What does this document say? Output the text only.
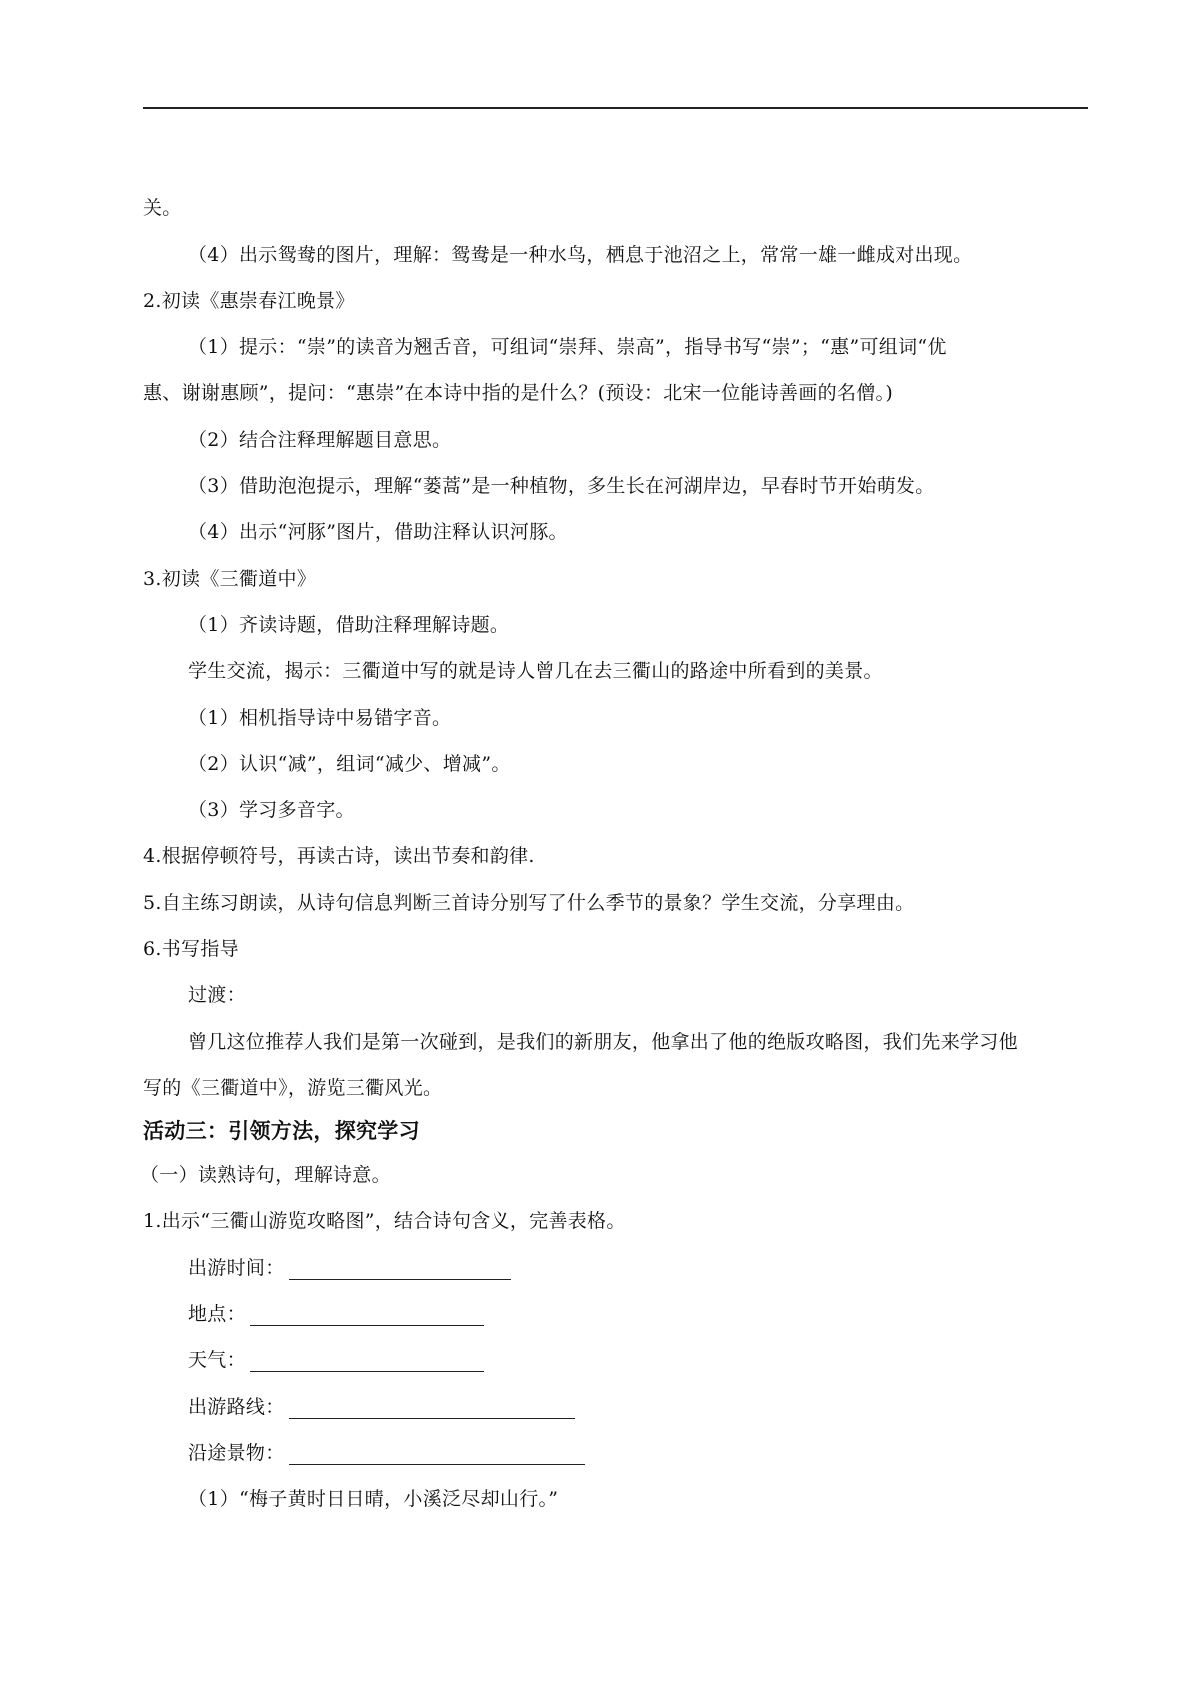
关。
（4）出示鸳鸯的图片，理解：鸳鸯是一种水鸟，栖息于池沼之上，常常一雄一雌成对出现。
2.初读《惠崇春江晚景》
（1）提示：“崇”的读音为翘舌音，可组词“崇拜、崇高”，指导书写“崇”；“惠”可组词“优
惠、谢谢惠顾”，提问：“惠崇”在本诗中指的是什么？(预设：北宋一位能诗善画的名僧。)
（2）结合注释理解题目意思。
（3）借助泡泡提示，理解“蒌蒿”是一种植物，多生长在河湖岸边，早春时节开始萌发。
（4）出示“河豚”图片，借助注释认识河豚。
3.初读《三衢道中》
（1）齐读诗题，借助注释理解诗题。
学生交流，揭示：三衢道中写的就是诗人曾几在去三衢山的路途中所看到的美景。
（1）相机指导诗中易错字音。
（2）认识“减”，组词“减少、增减”。
（3）学习多音字。
4.根据停顿符号，再读古诗，读出节奏和韵律.
5.自主练习朗读，从诗句信息判断三首诗分别写了什么季节的景象？学生交流，分享理由。
6.书写指导
过渡：
曾几这位推荐人我们是第一次碰到，是我们的新朋友，他拿出了他的绝版攻略图，我们先来学习他
写的《三衢道中》，游览三衢风光。
活动三：引领方法，探究学习
（一）读熟诗句，理解诗意。
1.出示“三衢山游览攻略图”，结合诗句含义，完善表格。
出游时间：
地点：
天气：
出游路线：
沿途景物：
（1）“梅子黄时日日晴，小溪泛尽却山行。”
